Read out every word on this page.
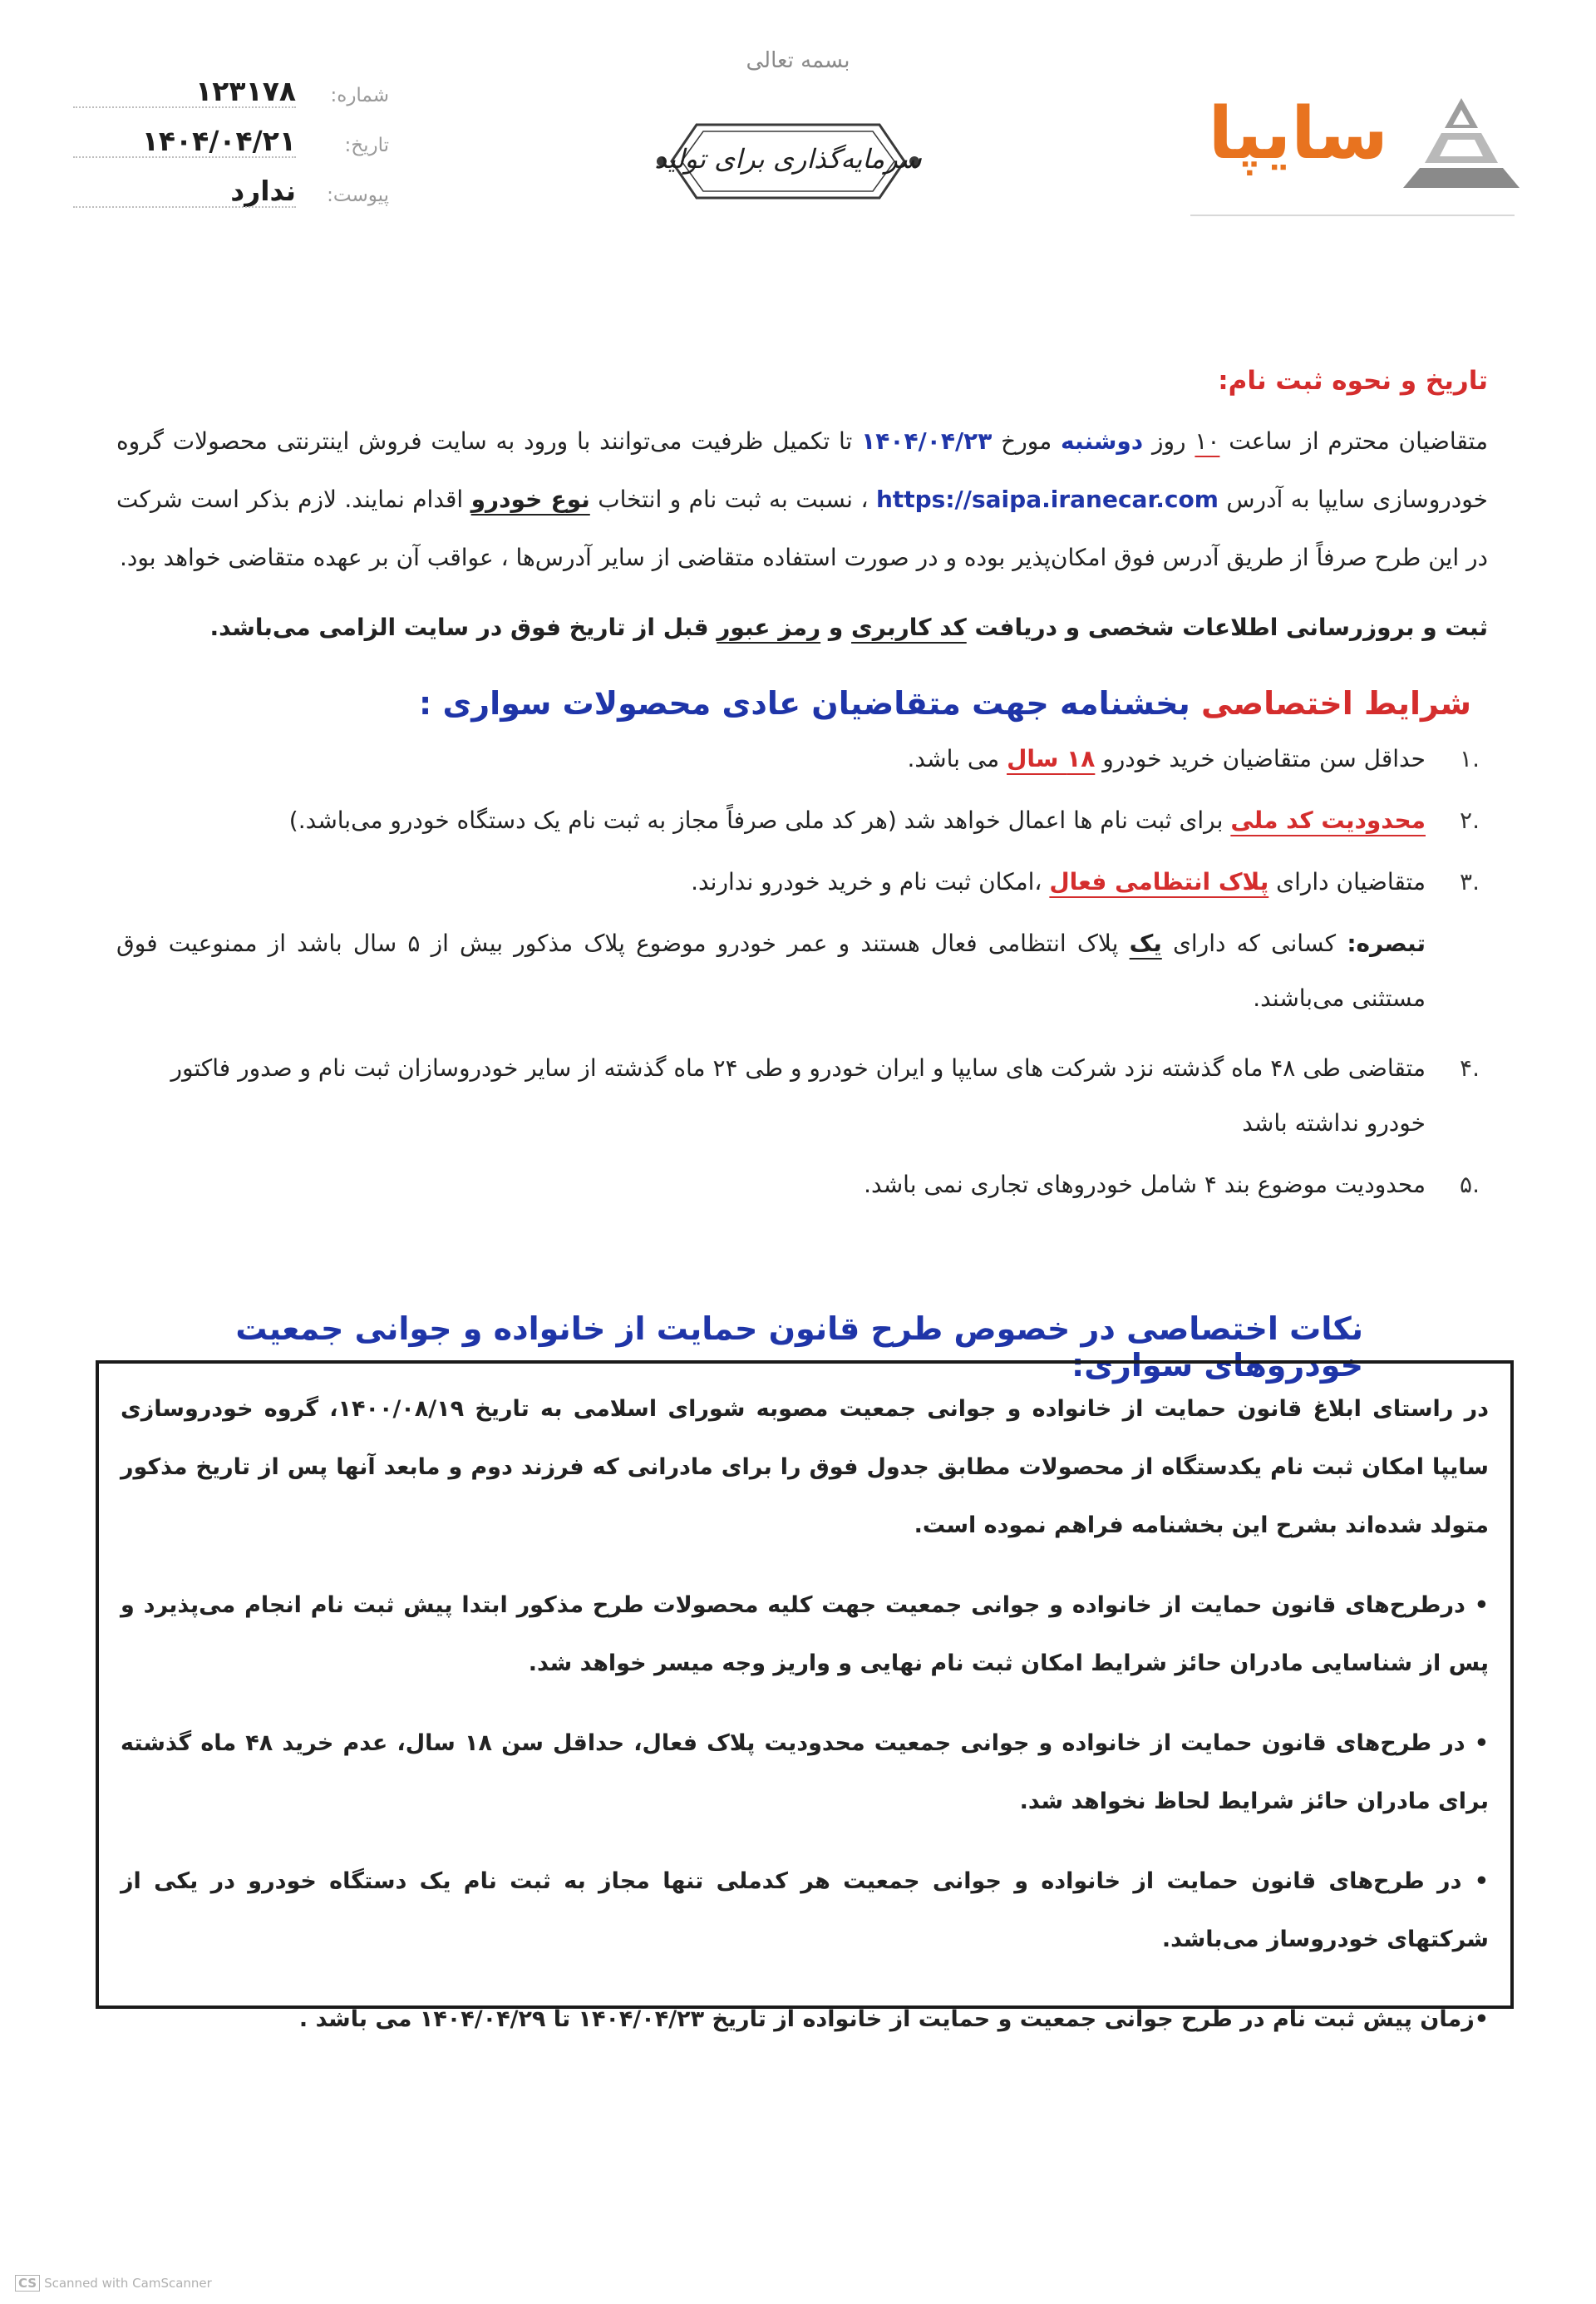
بسمه تعالی
سرمایه‌گذاری برای تولید	سایپا
شماره:
۱۲۳۱۷۸
تاریخ:
۱۴۰۴/۰۴/۲۱
پیوست:
ندارد
تاریخ و نحوه ثبت نام:

متقاضیان محترم از ساعت ۱۰ روز دوشنبه مورخ ۱۴۰۴/۰۴/۲۳ تا تکمیل ظرفیت می‌توانند با ورود به سایت فروش اینترنتی محصولات گروه خودروسازی سایپا به آدرس https://saipa.iranecar.com ، نسبت به ثبت نام و انتخاب نوع خودرو اقدام نمایند. لازم بذکر است شرکت در این طرح صرفاً از طریق آدرس فوق امکان‌پذیر بوده و در صورت استفاده متقاضی از سایر آدرس‌ها ، عواقب آن بر عهده متقاضی خواهد بود.

ثبت و بروزرسانی اطلاعات شخصی و دریافت کد کاربری و رمز عبور قبل از تاریخ فوق در سایت الزامی می‌باشد.

شرایط اختصاصی بخشنامه جهت متقاضیان عادی محصولات سواری :
.۱
حداقل سن متقاضیان خرید خودرو ۱۸ سال می باشد.
.۲
محدودیت کد ملی برای ثبت نام ها اعمال خواهد شد (هر کد ملی صرفاً مجاز به ثبت نام یک دستگاه خودرو می‌باشد.)
.۳
متقاضیان دارای پلاک انتظامی فعال ،امکان ثبت نام و خرید خودرو ندارند.

تبصره: کسانی که دارای یک پلاک انتظامی فعال هستند و عمر خودرو موضوع پلاک مذکور بیش از ۵ سال باشد از ممنوعیت فوق مستثنی می‌باشند.

.۴
متقاضی طی ۴۸ ماه گذشته نزد شرکت های سایپا و ایران خودرو و طی ۲۴ ماه گذشته از سایر خودروسازان ثبت نام و صدور فاکتور خودرو نداشته باشد
.۵
محدودیت موضوع بند ۴ شامل خودروهای تجاری نمی باشد.
نکات اختصاصی در خصوص طرح قانون حمایت از خانواده و جوانی جمعیت خودروهای سواری:

در راستای ابلاغ قانون حمایت از خانواده و جوانی جمعیت مصوبه شورای اسلامی به تاریخ ۱۴۰۰/۰۸/۱۹، گروه خودروسازی سایپا امکان ثبت نام یکدستگاه از محصولات مطابق جدول فوق را برای مادرانی که فرزند دوم و مابعد آنها پس از تاریخ مذکور متولد شده‌اند بشرح این بخشنامه فراهم نموده است.

• درطرح‌های قانون حمایت از خانواده و جوانی جمعیت جهت کلیه محصولات طرح مذکور ابتدا پیش ثبت نام انجام می‌پذیرد و پس از شناسایی مادران حائز شرایط امکان ثبت نام نهایی و واریز وجه میسر خواهد شد.

• در طرح‌های قانون حمایت از خانواده و جوانی جمعیت محدودیت پلاک فعال، حداقل سن ۱۸ سال، عدم خرید ۴۸ ماه گذشته برای مادران حائز شرایط لحاظ نخواهد شد.

• در طرح‌های قانون حمایت از خانواده و جوانی جمعیت هر کدملی تنها مجاز به ثبت نام یک دستگاه خودرو در یکی از شرکتهای خودروساز می‌باشد.

•زمان پیش ثبت نام در طرح جوانی جمعیت و حمایت از خانواده از تاریخ ۱۴۰۴/۰۴/۲۳ تا ۱۴۰۴/۰۴/۲۹ می باشد .

CS Scanned with CamScanner
